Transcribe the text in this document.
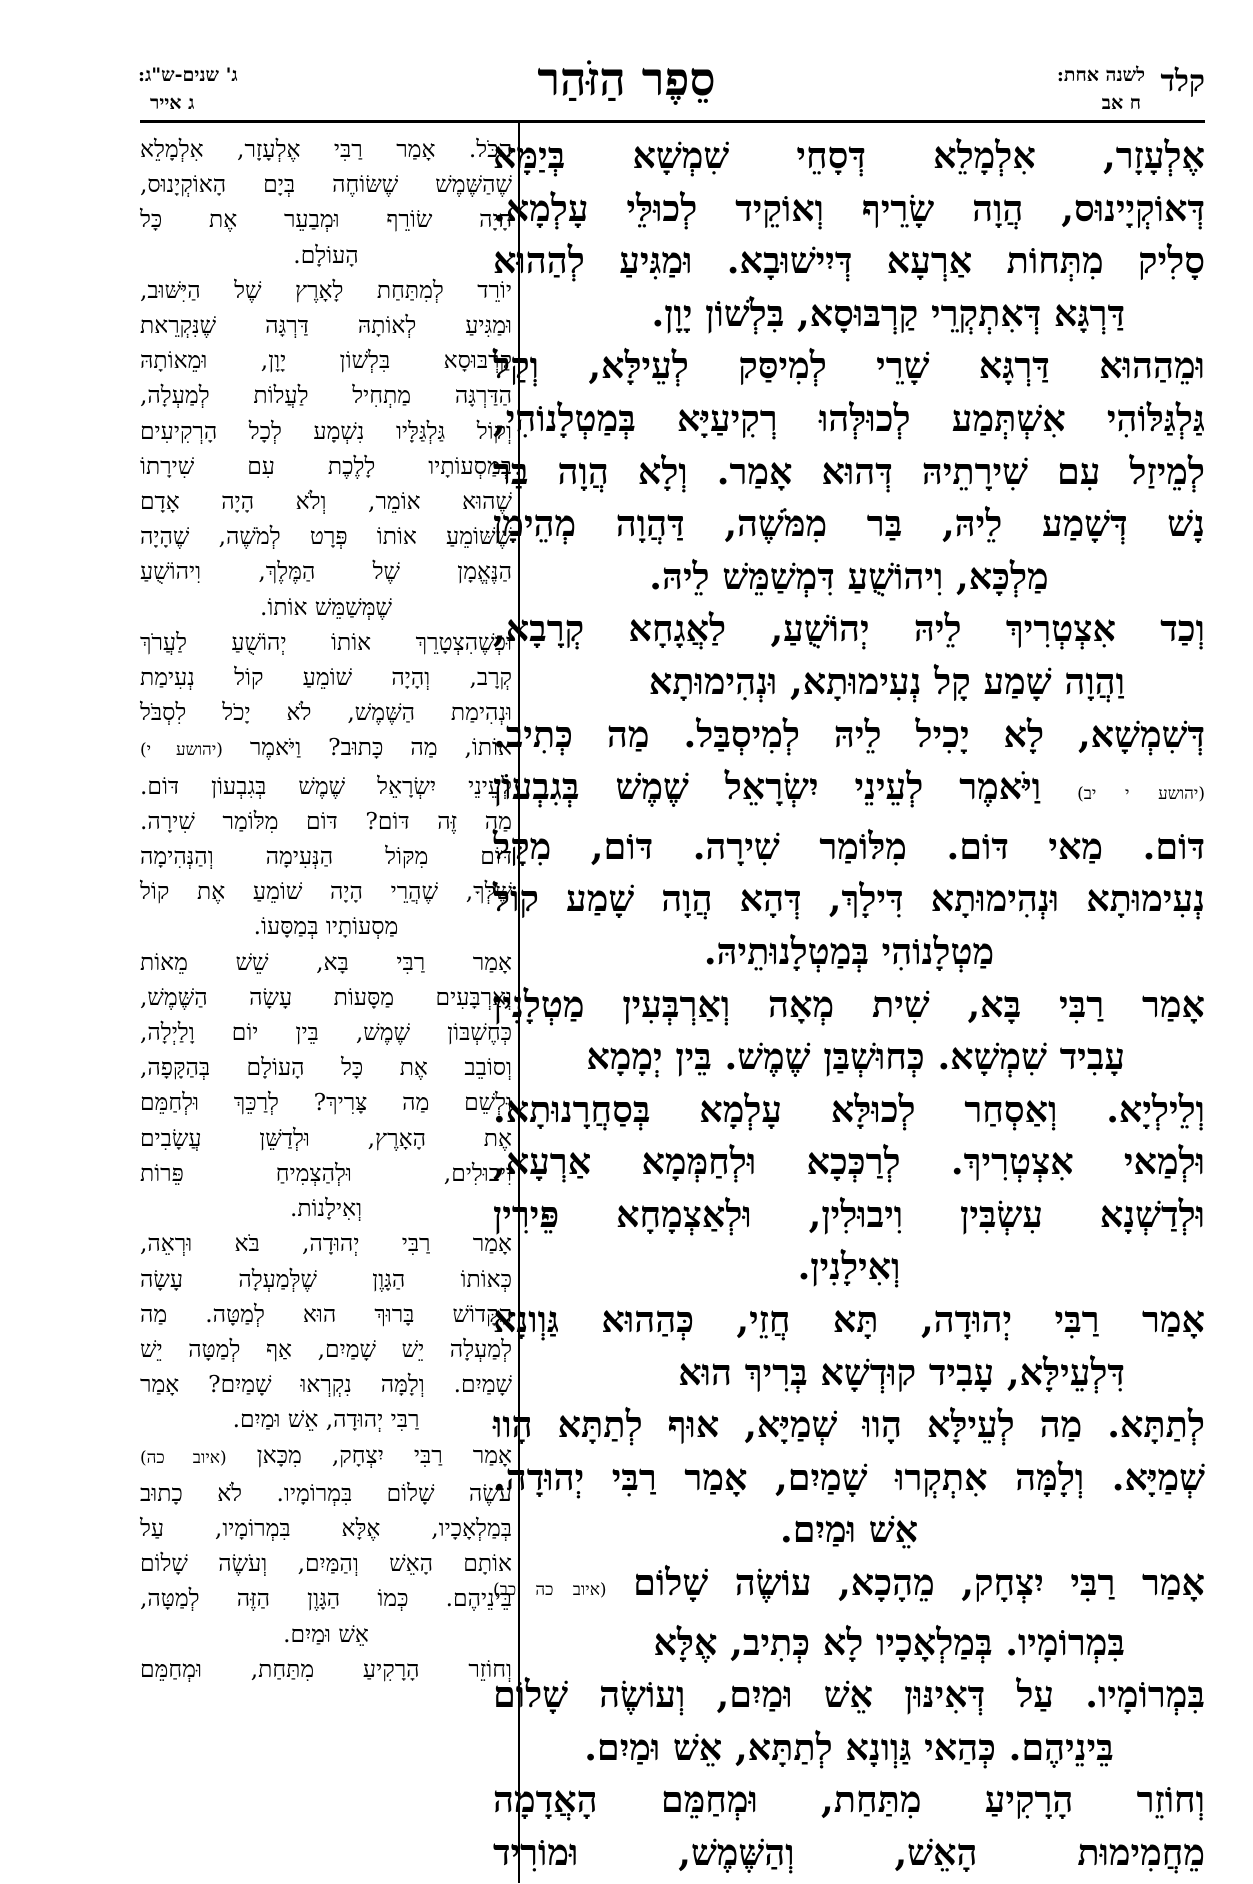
קלד
לשנה אחת:
ח אב
סֵפֶר הַזֹּהַר
ג' שנים-ש"ג:
ג אייר
אֶלְעָזָר, אִלְמָלֵא דְּסָחֵי שִׁמְשָׁא בְּיַמָּא
דְּאוֹקְיָינוּס, הֲוָה שָׂרֵיף וְאוֹקֵיד לְכוּלֵּי עָלְמָא.
סָלִיק מִתְּחוֹת אַרְעָא דְּיִישׁוּבָא. וּמַגִּיעַ לְהַהוּא
דַּרְגָּא דְּאִתְקְרֵי קַרְבּוּסָא, בִּלְשׁוֹן יָוָן.
וּמֵהַהוּא דַּרְגָּא שָׁרֵי לְמִיסַּק לְעֵילָּא, וְקַל
גַּלְגַּלּוֹהִי אִשְׁתְּמַע לְכוּלְּהוּ רְקִיעַיָּא בְּמַטְלָנוֹהִי,
לְמֵיזַל עִם שִׁירָתֵיהּ דְּהוּא אָמַר. וְלָא הֲוָה בַּר
נָשׁ דְּשָׁמַע לֵיהּ, בַּר מִמֹּשֶׁה, דַּהֲוָה מְהֵימָן
מַלְכָּא, וִיהוֹשֻׁעַ דִּמְשַׁמֵּשׁ לֵיהּ.
וְכַד אִצְטְרִיךְ לֵיהּ יְהוֹשֻׁעַ, לַאֲגָחָא קְרָבָא,
וַהֲוָה שָׁמַע קָל נְעִימוּתָא, וּנְהִימוּתָא
דְּשִׁמְשָׁא, לָא יָכִיל לֵיהּ לְמִיסְבַּל. מַה כְּתִיב.
(יהושע י יב) וַיֹּאמֶר לְעֵינֵי יִשְׂרָאֵל שֶׁמֶשׁ בְּגִבְעוֹן
דּוֹם. מַאי דּוֹם. מִלּוֹמַר שִׁירָה. דּוֹם, מִקָּל
נְעִימוּתָא וּנְהִימוּתָא דִּילָךְ, דְּהָא הֲוָה שָׁמַע קוֹל
מַטְלָנוֹהִי בְּמַטְלָנוּתֵיהּ.
אָמַר רַבִּי בָּא, שִׁית מְאָה וְאַרְבְּעִין מַטְלָנִין
עָבִיד שִׁמְשָׁא. כְּחוּשְׁבַּן שֶׁמֶשׁ. בֵּין יְמָמָא
וְלֵילְיָא. וְאַסְחַר לְכוּלָּא עָלְמָא בְּסַחֲרָנוּתָא.
וּלְמַאי אִצְטְרִיךְ. לְרַכְּכָא וּלְחַמְּמָא אַרְעָא,
וּלְדַשְׁנָא עִשְׂבִּין וִיבוּלִין, וּלְאַצְמָחָא פֵּירִין
וְאִילָנִין.
אָמַר רַבִּי יְהוּדָה, תָּא חֲזֵי, כְּהַהוּא גַּוְונָא
דִּלְעֵילָּא, עָבִיד קוּדְשָׁא בְּרִיךְ הוּא
לְתַתָּא. מַה לְעֵילָּא הָווּ שְׁמַיָּא, אוּף לְתַתָּא הָווּ
שְׁמַיָּא. וְלָמָּה אִתְקְרוּ שָׁמַיִם, אָמַר רַבִּי יְהוּדָה.
אֵשׁ וּמַיִם.
אָמַר רַבִּי יִצְחָק, מֵהָכָא, עוֹשֶׂה שָׁלוֹם (איוב כה כב)
בִּמְרוֹמָיו. בְּמַלְאָכָיו לָא כְּתִיב, אֶלָּא
בִּמְרוֹמָיו. עַל דְּאִינּוּן אֵשׁ וּמַיִם, וְעוֹשֶׂה שָׁלוֹם
בֵּינֵיהֶם. כְּהַאי גַּוְונָא לְתַתָּא, אֵשׁ וּמַיִם.
וְחוֹזֵר הָרָקִיעַ מִתַּחַת, וּמְחַמֵּם הָאֲדָמָה
מֵחֲמִימוּת הָאֵשׁ, וְהַשֶּׁמֶשׁ, וּמוֹרִיד
הַכֹּל. אָמַר רַבִּי אֶלְעָזָר, אִלְמָלֵא
שֶׁהַשֶּׁמֶשׁ שֶׁשּׂוֹחֶה בְּיָם הָאוֹקְיָנוּס,
הָיָה שׂוֹרֵף וּמְבַעֵר אֶת כָּל
הָעוֹלָם.
יוֹרֵד לְמִתַּחַת לָאָרֶץ שֶׁל הַיִּשּׁוּב,
וּמַגִּיעַ לְאוֹתָהּ דַּרְגָּה שֶׁנִּקְרֵאת
קַרְבּוּסָא בִּלְשׁוֹן יָוָן, וּמֵאוֹתָהּ
הַדַּרְגָּה מַתְחִיל לַעֲלוֹת לְמַעְלָה,
וְקוֹל גַּלְגַּלָּיו נִשְׁמָע לְכָל הָרְקִיעִים
בְּמַסְעוֹתָיו לָלֶכֶת עִם שִׁירָתוֹ
שֶׁהוּא אוֹמֵר, וְלֹא הָיָה אָדָם
שֶׁשּׁוֹמֵעַ אוֹתוֹ פְּרָט לְמֹשֶׁה, שֶׁהָיָה
הַנֶּאֱמָן שֶׁל הַמֶּלֶךְ, וִיהוֹשֻׁעַ
שֶׁמְּשַׁמֵּשׁ אוֹתוֹ.
וּכְשֶׁהִצְטָרֵךְ אוֹתוֹ יְהוֹשֻׁעַ לַעֲרֹךְ
קְרָב, וְהָיָה שׁוֹמֵעַ קוֹל נְעִימַת
וּנְהִימַת הַשֶּׁמֶשׁ, לֹא יָכֹל לִסְבֹּל
אוֹתוֹ, מַה כָּתוּב? וַיֹּאמֶר (יהושע י)
לְעֵינֵי יִשְׂרָאֵל שֶׁמֶשׁ בְּגִבְעוֹן דּוֹם.
מַה זֶּה דּוֹם? דּוֹם מִלּוֹמַר שִׁירָה.
דּוֹם מִקּוֹל הַנְּעִימָה וְהַנְּהִימָה
שֶׁלְּךָ, שֶׁהֲרֵי הָיָה שׁוֹמֵעַ אֶת קוֹל
מַסְעוֹתָיו בְּמַסָּעוֹ.
אָמַר רַבִּי בָּא, שֵׁשׁ מֵאוֹת
וְאַרְבָּעִים מַסָּעוֹת עָשָׂה הַשֶּׁמֶשׁ,
כְּחֶשְׁבּוֹן שֶׁמֶשׁ, בֵּין יוֹם וָלַיְלָה,
וְסוֹבֵב אֶת כָּל הָעוֹלָם בְּהַקָּפָה,
וּלְשֵׁם מַה צָּרִיךְ? לְרַכֵּךְ וּלְחַמֵּם
אֶת הָאָרֶץ, וּלְדַשֵּׁן עֲשָׂבִים
וִיבוּלִים, וּלְהַצְמִיחַ פֵּרוֹת
וְאִילָנוֹת.
אָמַר רַבִּי יְהוּדָה, בֹּא וּרְאֵה,
כְּאוֹתוֹ הַגָּוֶן שֶׁלְּמַעְלָה עָשָׂה
הַקָּדוֹשׁ בָּרוּךְ הוּא לְמַטָּה. מַה
לְמַעְלָה יֵשׁ שָׁמַיִם, אַף לְמַטָּה יֵשׁ
שָׁמַיִם. וְלָמָּה נִקְרְאוּ שָׁמַיִם? אָמַר
רַבִּי יְהוּדָה, אֵשׁ וּמַיִם.
אָמַר רַבִּי יִצְחָק, מִכָּאן (איוב כה)
עֹשֶׂה שָׁלוֹם בִּמְרוֹמָיו. לֹא כָתוּב
בְּמַלְאָכָיו, אֶלָּא בִּמְרוֹמָיו, עַל
אוֹתָם הָאֵשׁ וְהַמַּיִם, וְעֹשֶׂה שָׁלוֹם
בֵּינֵיהֶם. כְּמוֹ הַגָּוֶן הַזֶּה לְמַטָּה,
אֵשׁ וּמַיִם.
וְחוֹזֵר הָרָקִיעַ מִתַּחַת, וּמְחַמֵּם
